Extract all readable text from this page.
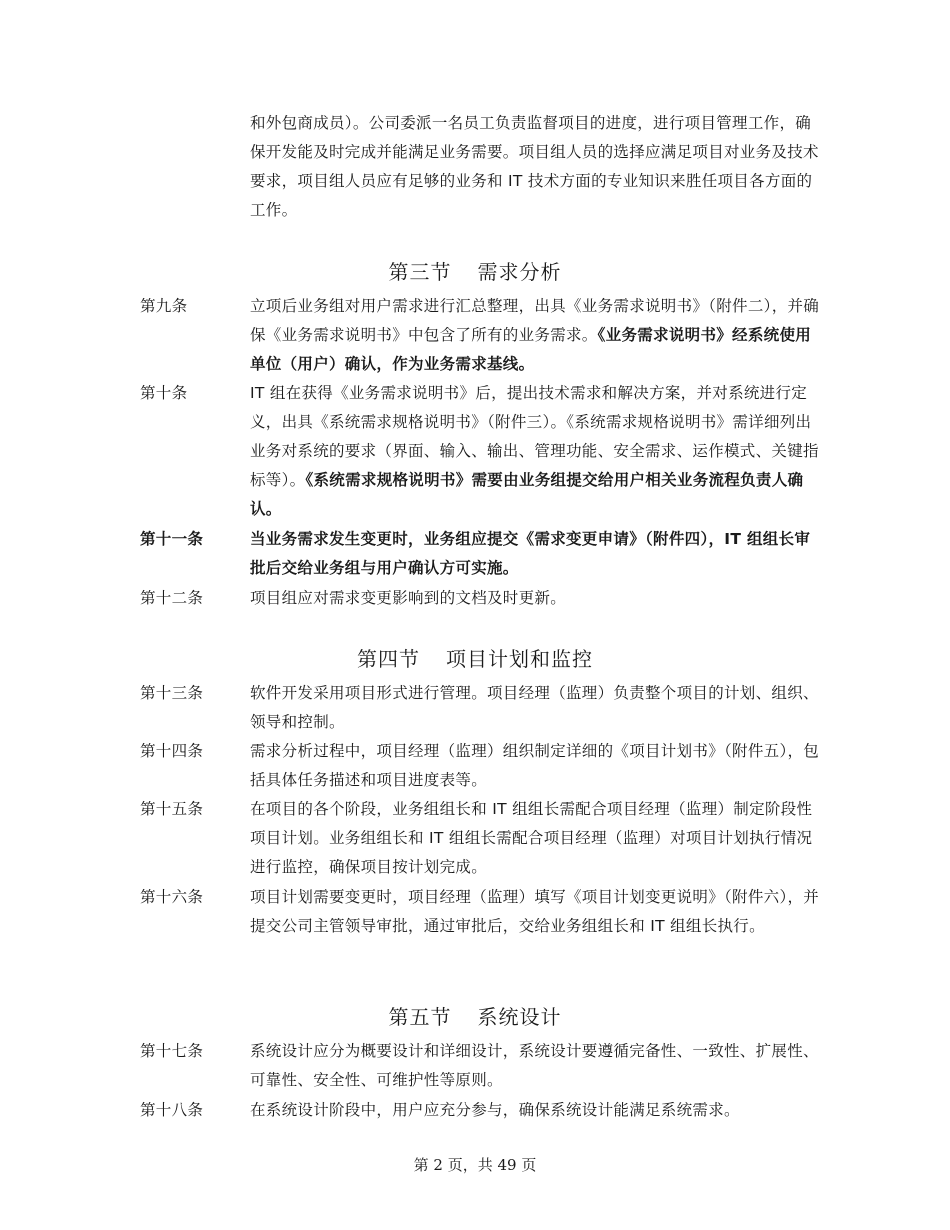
和外包商成员）。公司委派一名员工负责监督项目的进度，进行项目管理工作，确保开发能及时完成并能满足业务需要。项目组人员的选择应满足项目对业务及技术要求，项目组人员应有足够的业务和 IT 技术方面的专业知识来胜任项目各方面的工作。
第三节 需求分析
第九条	立项后业务组对用户需求进行汇总整理，出具《业务需求说明书》（附件二），并确保《业务需求说明书》中包含了所有的业务需求。《业务需求说明书》经系统使用单位（用户）确认，作为业务需求基线。
第十条	IT 组在获得《业务需求说明书》后，提出技术需求和解决方案，并对系统进行定义，出具《系统需求规格说明书》（附件三）。《系统需求规格说明书》需详细列出业务对系统的要求（界面、输入、输出、管理功能、安全需求、运作模式、关键指标等）。《系统需求规格说明书》需要由业务组提交给用户相关业务流程负责人确认。
第十一条	当业务需求发生变更时，业务组应提交《需求变更申请》（附件四），IT 组组长审批后交给业务组与用户确认方可实施。
第十二条	项目组应对需求变更影响到的文档及时更新。
第四节 项目计划和监控
第十三条	软件开发采用项目形式进行管理。项目经理（监理）负责整个项目的计划、组织、领导和控制。
第十四条	需求分析过程中，项目经理（监理）组织制定详细的《项目计划书》（附件五），包括具体任务描述和项目进度表等。
第十五条	在项目的各个阶段，业务组组长和 IT 组组长需配合项目经理（监理）制定阶段性项目计划。业务组组长和 IT 组组长需配合项目经理（监理）对项目计划执行情况进行监控，确保项目按计划完成。
第十六条	项目计划需要变更时，项目经理（监理）填写《项目计划变更说明》（附件六），并提交公司主管领导审批，通过审批后，交给业务组组长和 IT 组组长执行。
第五节 系统设计
第十七条	系统设计应分为概要设计和详细设计，系统设计要遵循完备性、一致性、扩展性、可靠性、安全性、可维护性等原则。
第十八条	在系统设计阶段中，用户应充分参与，确保系统设计能满足系统需求。
第 2 页，共 49 页
